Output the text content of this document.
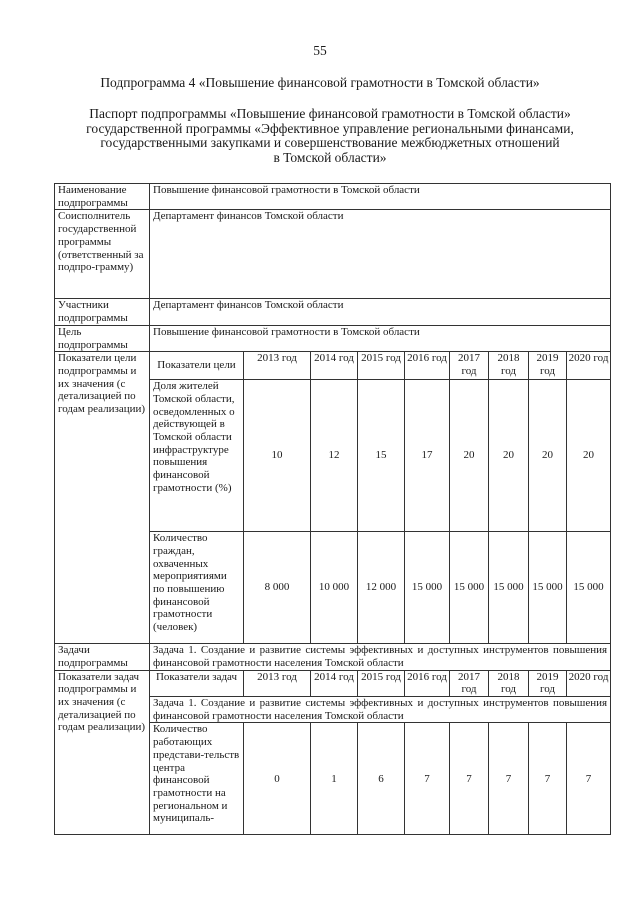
55
Подпрограмма 4 «Повышение финансовой грамотности в Томской области»
Паспорт подпрограммы «Повышение финансовой грамотности в Томской области»
государственной программы «Эффективное управление региональными финансами,
государственными закупками и совершенствование межбюджетных отношений
в Томской области»
Наименование подпрограммы	Повышение финансовой грамотности в Томской области								
Соисполнитель государственной программы (ответственный за подпро-грамму)	Департамент финансов Томской области								
Участники подпрограммы	Департамент финансов Томской области								
Цель подпрограммы	Повышение финансовой грамотности в Томской области								
Показатели цели подпрограммы и их значения (с детализацией по годам реализации)	Показатели цели	2013 год	2014 год	2015 год	2016 год	2017 год	2018 год	2019 год	2020 год
	Доля жителей Томской области, осведомленных о действующей в Томской области инфраструктуре повышения финансовой грамотности (%)	10	12	15	17	20	20	20	20
	Количество граждан, охваченных мероприятиями по повышению финансовой грамотности (человек)	8 000	10 000	12 000	15 000	15 000	15 000	15 000	15 000
Задачи подпрограммы	Задача 1. Создание и развитие системы эффективных и доступных инструментов повышения финансовой грамотности населения Томской области								
Показатели задач подпрограммы и их значения (с детализацией по годам реализации)	Показатели задач	2013 год	2014 год	2015 год	2016 год	2017 год	2018 год	2019 год	2020 год
	Задача 1. Создание и развитие системы эффективных и доступных инструментов повышения финансовой грамотности населения Томской области								
	Количество работающих представи-тельств центра финансовой грамотности на региональном и муниципаль-	0	1	6	7	7	7	7	7
